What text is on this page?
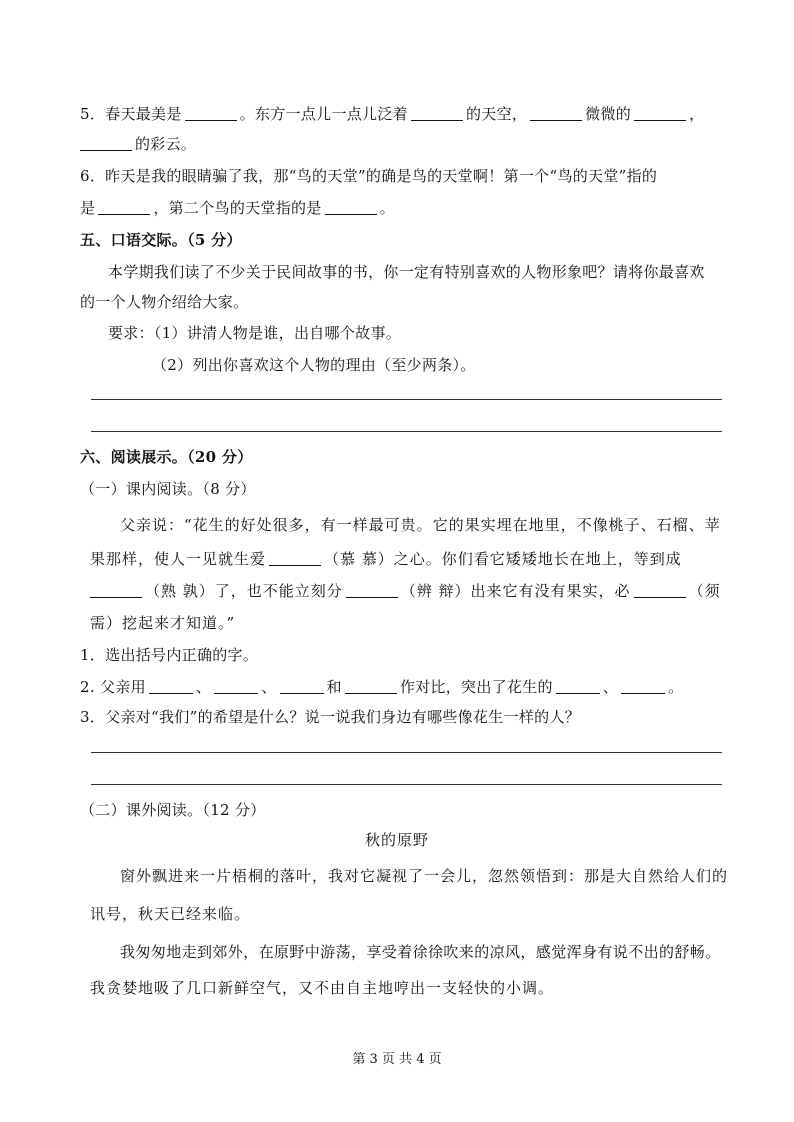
5．春天最美是	。东方一点儿一点儿泛着	的天空，	微微的	，
的彩云。
6．昨天是我的眼睛骗了我，那“鸟的天堂”的确是鸟的天堂啊！第一个“鸟的天堂”指的
是	，第二个鸟的天堂指的是	。
五、口语交际。（5 分）
本学期我们读了不少关于民间故事的书，你一定有特别喜欢的人物形象吧？请将你最喜欢
的一个人物介绍给大家。
要求：（1）讲清人物是谁，出自哪个故事。
（2）列出你喜欢这个人物的理由（至少两条）。
六、阅读展示。（20 分）
（一）课内阅读。（8 分）
父亲说：“花生的好处很多，有一样最可贵。它的果实埋在地里，不像桃子、石榴、苹
果那样，使人一见就生爱	（慕 慕）之心。你们看它矮矮地长在地上，等到成
（熟 孰）了，也不能立刻分	（辨 辩）出来它有没有果实，必	（须
需）挖起来才知道。”
1．选出括号内正确的字。
2. 父亲用	、	、	和	作对比，突出了花生的	、	。
3．父亲对“我们”的希望是什么？说一说我们身边有哪些像花生一样的人？
（二）课外阅读。（12 分）
秋的原野
窗外飘进来一片梧桐的落叶，我对它凝视了一会儿，忽然领悟到：那是大自然给人们的
讯号，秋天已经来临。
我匆匆地走到郊外，在原野中游荡，享受着徐徐吹来的凉风，感觉浑身有说不出的舒畅。
我贪婪地吸了几口新鲜空气，又不由自主地哼出一支轻快的小调。
第 3 页 共 4 页
